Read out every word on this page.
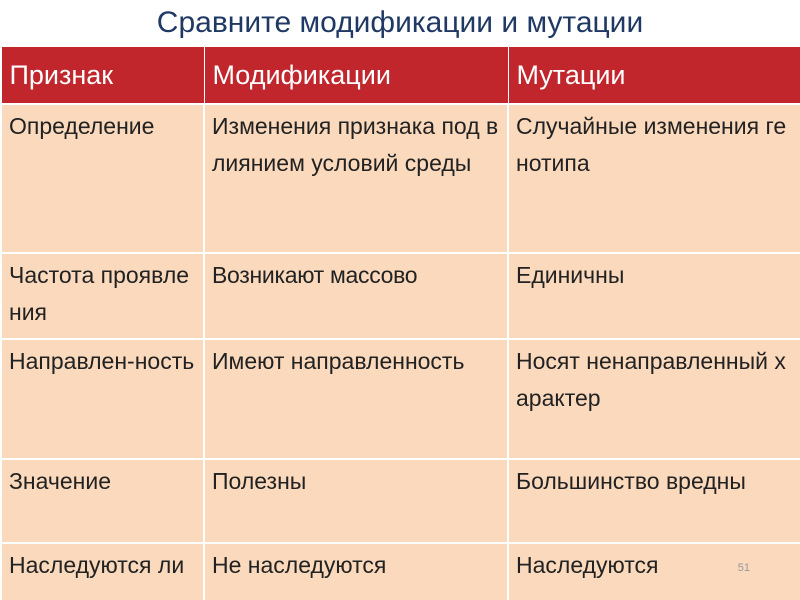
Сравните модификации и мутации
Признак	Модификации	Мутации
Определение	Изменения признака под влиянием условий среды	Случайные изменения генотипа
Частота проявления	Возникают массово	Единичны
Направлен-ность	Имеют направленность	Носят ненаправленный характер
Значение	Полезны	Большинство вредны
Наследуются ли	Не наследуются	Наследуются	51
